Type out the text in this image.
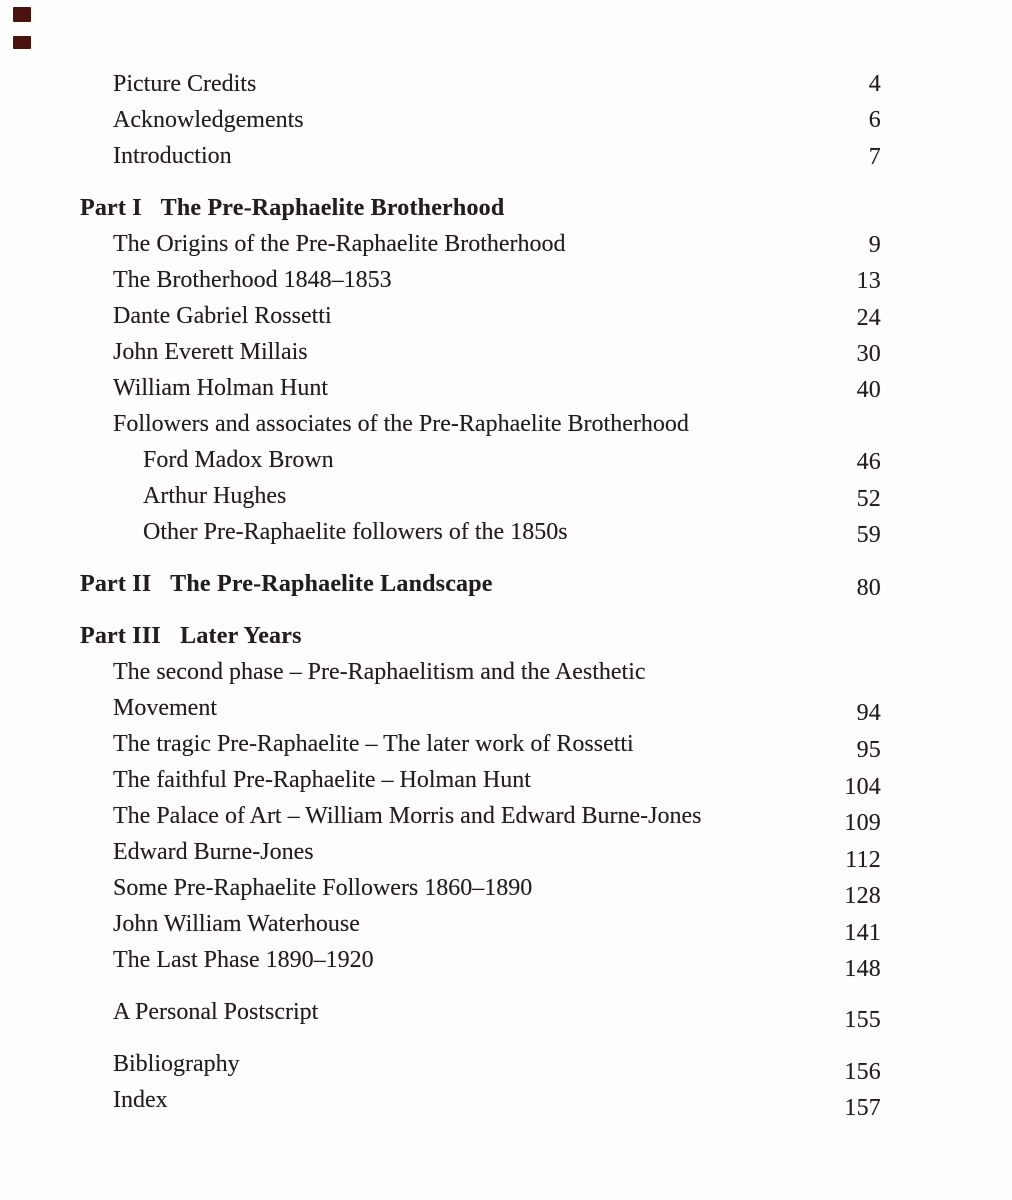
Picture Credits	4
Acknowledgements	6
Introduction	7
Part I The Pre-Raphaelite Brotherhood
The Origins of the Pre-Raphaelite Brotherhood	9
The Brotherhood 1848–1853	13
Dante Gabriel Rossetti	24
John Everett Millais	30
William Holman Hunt	40
Followers and associates of the Pre-Raphaelite Brotherhood
Ford Madox Brown	46
Arthur Hughes	52
Other Pre-Raphaelite followers of the 1850s	59
Part II The Pre-Raphaelite Landscape	80
Part III Later Years
The second phase – Pre-Raphaelitism and the Aesthetic
Movement	94
The tragic Pre-Raphaelite – The later work of Rossetti	95
The faithful Pre-Raphaelite – Holman Hunt	104
The Palace of Art – William Morris and Edward Burne-Jones	109
Edward Burne-Jones	112
Some Pre-Raphaelite Followers 1860–1890	128
John William Waterhouse	141
The Last Phase 1890–1920	148
A Personal Postscript	155
Bibliography	156
Index	157
